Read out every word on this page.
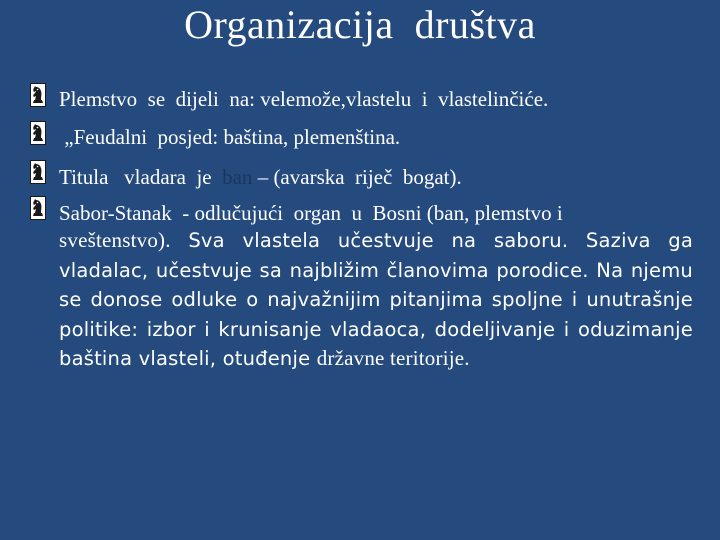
Organizacija  društva
Plemstvo  se  dijeli  na: velemože,vlastelu  i  vlastelinčiće.
„Feudalni  posjed: baština, plemenština.
Titula   vladara  je  ban – (avarska  riječ  bogat).
Sabor-Stanak  - odlučujući  organ  u  Bosni (ban, plemstvo i
sveštenstvo). Sva vlastela učestvuje na saboru. Saziva ga vladalac, učestvuje sa najbližim članovima porodice. Na njemu se donose odluke o najvažnijim pitanjima spoljne i unutrašnje politike: izbor i krunisanje vladaoca, dodeljivanje i oduzimanje baština vlasteli, otuđenje državne teritorije.
